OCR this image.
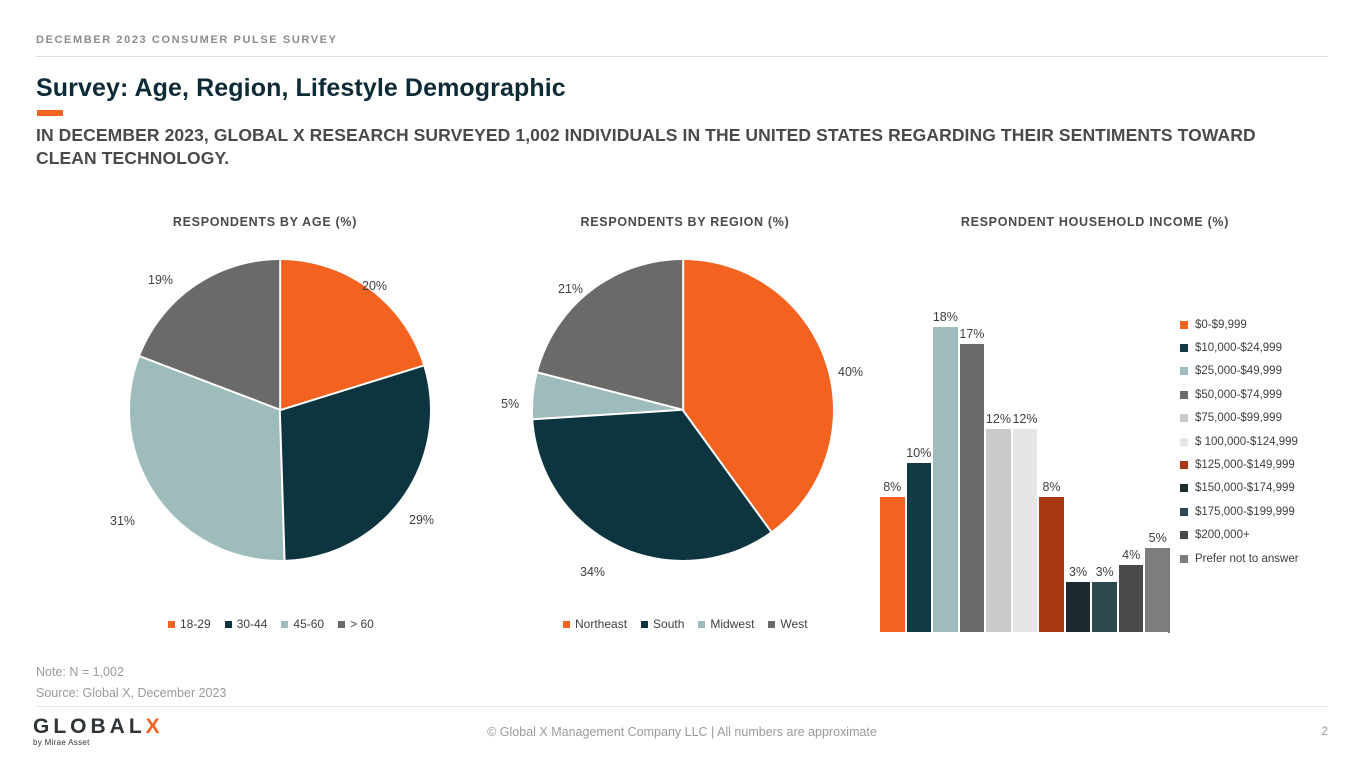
DECEMBER 2023 CONSUMER PULSE SURVEY
Survey: Age, Region, Lifestyle Demographic
IN DECEMBER 2023, GLOBAL X RESEARCH SURVEYED 1,002 INDIVIDUALS IN THE UNITED STATES REGARDING THEIR SENTIMENTS TOWARD CLEAN TECHNOLOGY.
RESPONDENTS BY AGE (%)
20%
29%
31%
19%
18-29 30-44 45-60 > 60
RESPONDENTS BY REGION (%)
40%
34%
5%
21%
Northeast South Midwest West
RESPONDENT HOUSEHOLD INCOME (%)
8%
10%
18%
17%
12% 12%
8%
3% 3%
4%
5%
$0-$9,999
$10,000-$24,999
$25,000-$49,999
$50,000-$74,999
$75,000-$99,999
$ 100,000-$124,999
$125,000-$149,999
$150,000-$174,999
$175,000-$199,999
$200,000+
Prefer not to answer
Note: N = 1,002
Source: Global X, December 2023
© Global X Management Company LLC | All numbers are approximate	2
GLOBALX
by Mirae Asset
